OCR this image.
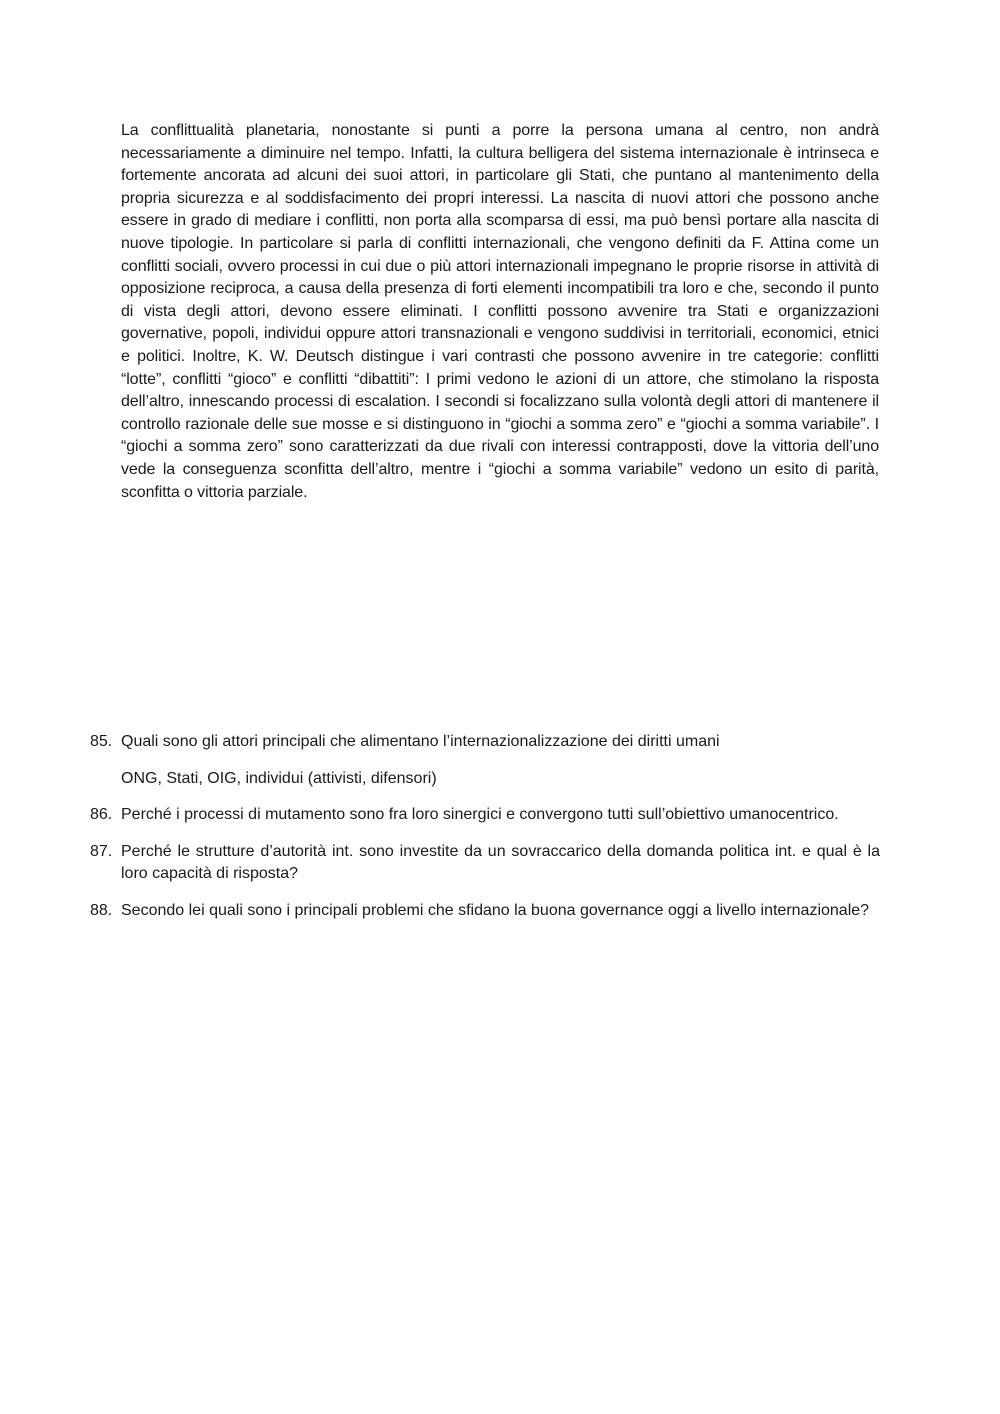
La conflittualità planetaria, nonostante si punti a porre la persona umana al centro, non andrà necessariamente a diminuire nel tempo. Infatti, la cultura belligera del sistema internazionale è intrinseca e fortemente ancorata ad alcuni dei suoi attori, in particolare gli Stati, che puntano al mantenimento della propria sicurezza e al soddisfacimento dei propri interessi. La nascita di nuovi attori che possono anche essere in grado di mediare i conflitti, non porta alla scomparsa di essi, ma può bensì portare alla nascita di nuove tipologie. In particolare si parla di conflitti internazionali, che vengono definiti da F. Attina come un conflitti sociali, ovvero processi in cui due o più attori internazionali impegnano le proprie risorse in attività di opposizione reciproca, a causa della presenza di forti elementi incompatibili tra loro e che, secondo il punto di vista degli attori, devono essere eliminati. I conflitti possono avvenire tra Stati e organizzazioni governative, popoli, individui oppure attori transnazionali e vengono suddivisi in territoriali, economici, etnici e politici. Inoltre, K. W. Deutsch distingue i vari contrasti che possono avvenire in tre categorie: conflitti “lotte”, conflitti “gioco” e conflitti “dibattiti”: I primi vedono le azioni di un attore, che stimolano la risposta dell’altro, innescando processi di escalation. I secondi si focalizzano sulla volontà degli attori di mantenere il controllo razionale delle sue mosse e si distinguono in “giochi a somma zero” e “giochi a somma variabile”. I “giochi a somma zero” sono caratterizzati da due rivali con interessi contrapposti, dove la vittoria dell’uno vede la conseguenza sconfitta dell’altro, mentre i “giochi a somma variabile” vedono un esito di parità, sconfitta o vittoria parziale.

85. Quali sono gli attori principali che alimentano l’internazionalizzazione dei diritti umani

ONG, Stati, OIG, individui (attivisti, difensori)

86. Perché i processi di mutamento sono fra loro sinergici e convergono tutti sull’obiettivo umanocentrico.

87. Perché le strutture d’autorità int. sono investite da un sovraccarico della domanda politica int. e qual è la loro capacità di risposta?

88. Secondo lei quali sono i principali problemi che sfidano la buona governance oggi a livello internazionale?
